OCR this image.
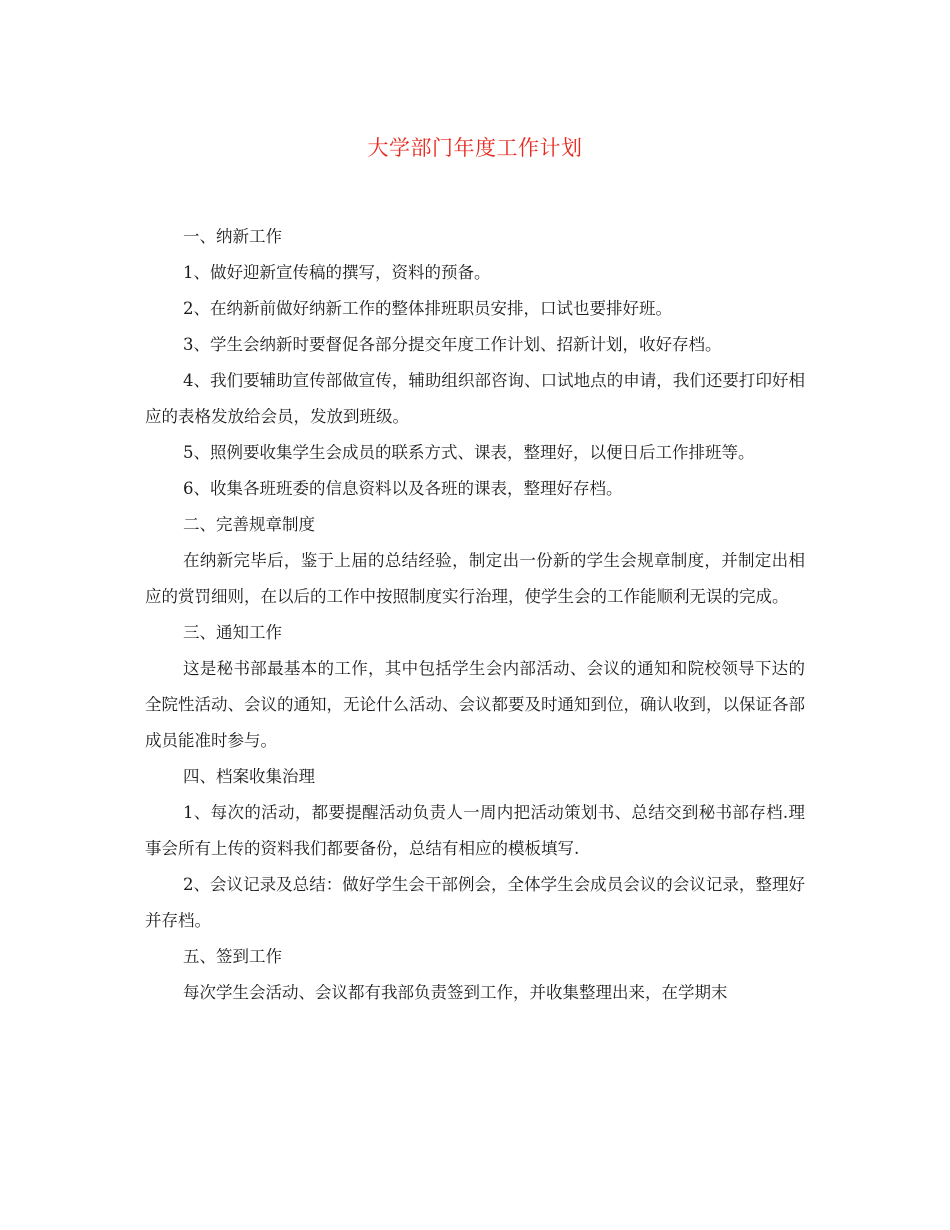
大学部门年度工作计划

一、纳新工作

1、做好迎新宣传稿的撰写，资料的预备。

2、在纳新前做好纳新工作的整体排班职员安排，口试也要排好班。

3、学生会纳新时要督促各部分提交年度工作计划、招新计划，收好存档。

4、我们要辅助宣传部做宣传，辅助组织部咨询、口试地点的申请，我们还要打印好相应的表格发放给会员，发放到班级。

5、照例要收集学生会成员的联系方式、课表，整理好，以便日后工作排班等。

6、收集各班班委的信息资料以及各班的课表，整理好存档。

二、完善规章制度

在纳新完毕后，鉴于上届的总结经验，制定出一份新的学生会规章制度，并制定出相应的赏罚细则，在以后的工作中按照制度实行治理，使学生会的工作能顺利无误的完成。

三、通知工作

这是秘书部最基本的工作，其中包括学生会内部活动、会议的通知和院校领导下达的全院性活动、会议的通知，无论什么活动、会议都要及时通知到位，确认收到，以保证各部成员能准时参与。

四、档案收集治理

1、每次的活动，都要提醒活动负责人一周内把活动策划书、总结交到秘书部存档.理事会所有上传的资料我们都要备份，总结有相应的模板填写.

2、会议记录及总结：做好学生会干部例会，全体学生会成员会议的会议记录，整理好并存档。

五、签到工作

每次学生会活动、会议都有我部负责签到工作，并收集整理出来，在学期末
